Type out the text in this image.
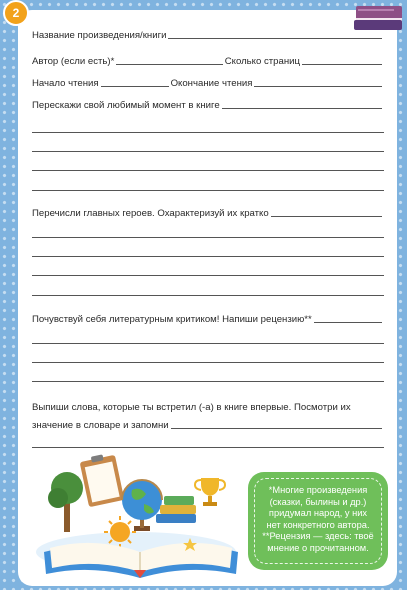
2
Название произведения/книги
Автор (если есть)*	Сколько страниц
Начало чтения	Окончание чтения
Перескажи свой любимый момент в книге
Перечисли главных героев. Охарактеризуй их кратко
Почувствуй себя литературным критиком! Напиши рецензию**
Выпиши слова, которые ты встретил (-а) в книге впервые. Посмотри их
значение в словаре и запомни
*Многие произведения
(сказки, былины и др.)
придумал народ, у них
нет конкретного автора.
**Рецензия — здесь: твоё
мнение о прочитанном.
